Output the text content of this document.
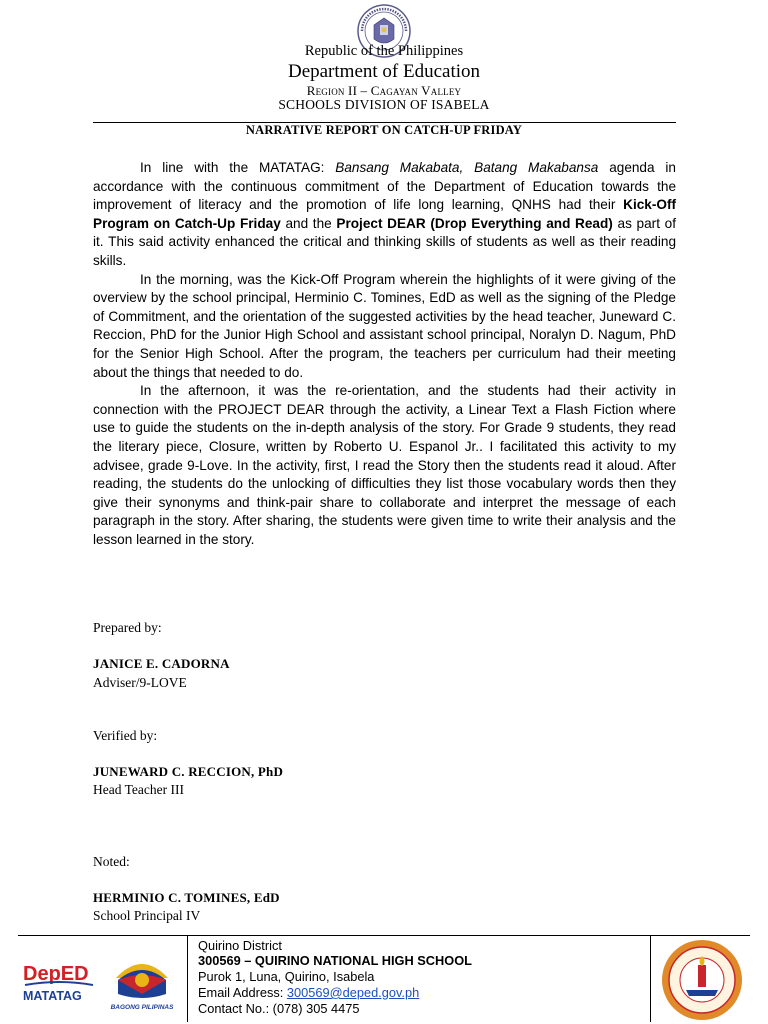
Republic of the Philippines
Department of Education
Region II – Cagayan Valley
SCHOOLS DIVISION OF ISABELA
NARRATIVE REPORT ON CATCH-UP FRIDAY

In line with the MATATAG: Bansang Makabata, Batang Makabansa agenda in accordance with the continuous commitment of the Department of Education towards the improvement of literacy and the promotion of life long learning, QNHS had their Kick-Off Program on Catch-Up Friday and the Project DEAR (Drop Everything and Read) as part of it. This said activity enhanced the critical and thinking skills of students as well as their reading skills.

In the morning, was the Kick-Off Program wherein the highlights of it were giving of the overview by the school principal, Herminio C. Tomines, EdD as well as the signing of the Pledge of Commitment, and the orientation of the suggested activities by the head teacher, Juneward C. Reccion, PhD for the Junior High School and assistant school principal, Noralyn D. Nagum, PhD for the Senior High School. After the program, the teachers per curriculum had their meeting about the things that needed to do.

In the afternoon, it was the re-orientation, and the students had their activity in connection with the PROJECT DEAR through the activity, a Linear Text a Flash Fiction where use to guide the students on the in-depth analysis of the story. For Grade 9 students, they read the literary piece, Closure, written by Roberto U. Espanol Jr.. I facilitated this activity to my advisee, grade 9-Love. In the activity, first, I read the Story then the students read it aloud. After reading, the students do the unlocking of difficulties they list those vocabulary words then they give their synonyms and think-pair share to collaborate and interpret the message of each paragraph in the story. After sharing, the students were given time to write their analysis and the lesson learned in the story.

Prepared by:
JANICE E. CADORNA
Adviser/9-LOVE
Verified by:
JUNEWARD C. RECCION, PhD
Head Teacher III
Noted:
HERMINIO C. TOMINES, EdD
School Principal IV
DepED
MATATAG
BAGONG PILIPINAS
Quirino District
300569 – QUIRINO NATIONAL HIGH SCHOOL
Purok 1, Luna, Quirino, Isabela
Email Address: 300569@deped.gov.ph
Contact No.: (078) 305 4475
